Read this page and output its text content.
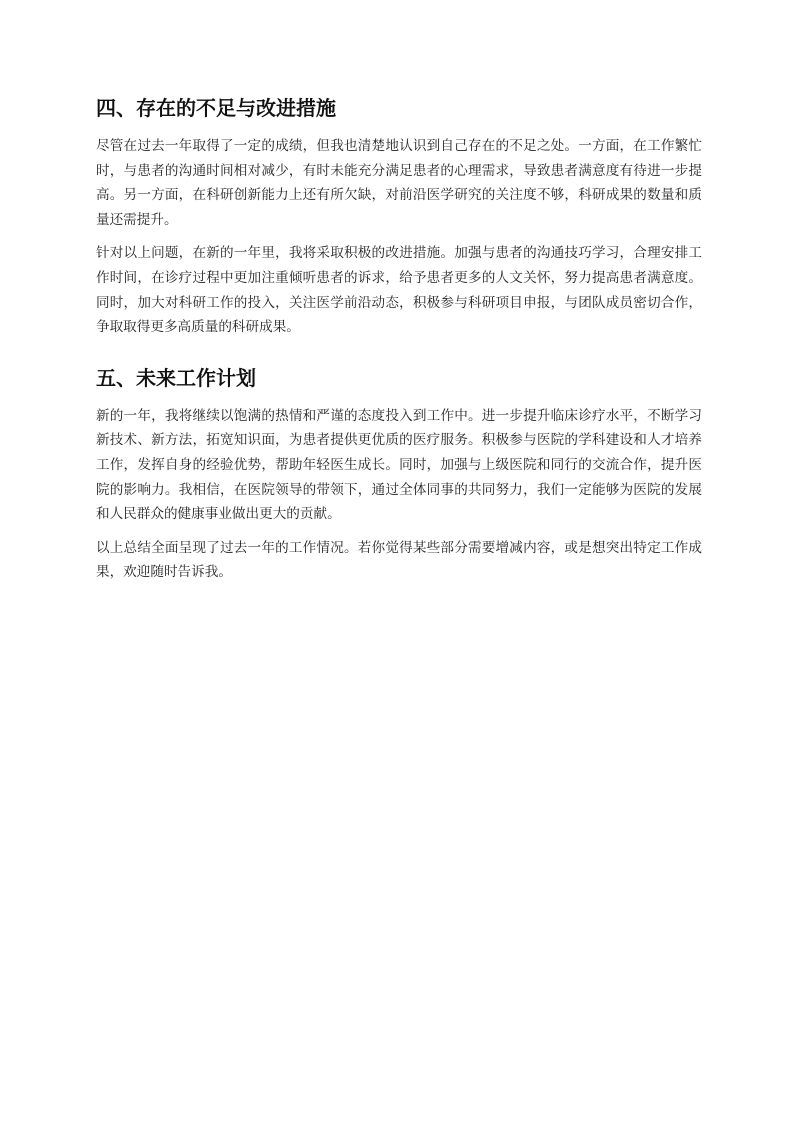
四、存在的不足与改进措施

尽管在过去一年取得了一定的成绩，但我也清楚地认识到自己存在的不足之处。一方面，在工作繁忙时，与患者的沟通时间相对减少，有时未能充分满足患者的心理需求，导致患者满意度有待进一步提高。另一方面，在科研创新能力上还有所欠缺，对前沿医学研究的关注度不够，科研成果的数量和质量还需提升。

针对以上问题，在新的一年里，我将采取积极的改进措施。加强与患者的沟通技巧学习，合理安排工作时间，在诊疗过程中更加注重倾听患者的诉求，给予患者更多的人文关怀，努力提高患者满意度。同时，加大对科研工作的投入，关注医学前沿动态，积极参与科研项目申报，与团队成员密切合作，争取取得更多高质量的科研成果。

五、未来工作计划

新的一年，我将继续以饱满的热情和严谨的态度投入到工作中。进一步提升临床诊疗水平，不断学习新技术、新方法，拓宽知识面，为患者提供更优质的医疗服务。积极参与医院的学科建设和人才培养工作，发挥自身的经验优势，帮助年轻医生成长。同时，加强与上级医院和同行的交流合作，提升医院的影响力。我相信，在医院领导的带领下，通过全体同事的共同努力，我们一定能够为医院的发展和人民群众的健康事业做出更大的贡献。

以上总结全面呈现了过去一年的工作情况。若你觉得某些部分需要增减内容，或是想突出特定工作成果，欢迎随时告诉我。
